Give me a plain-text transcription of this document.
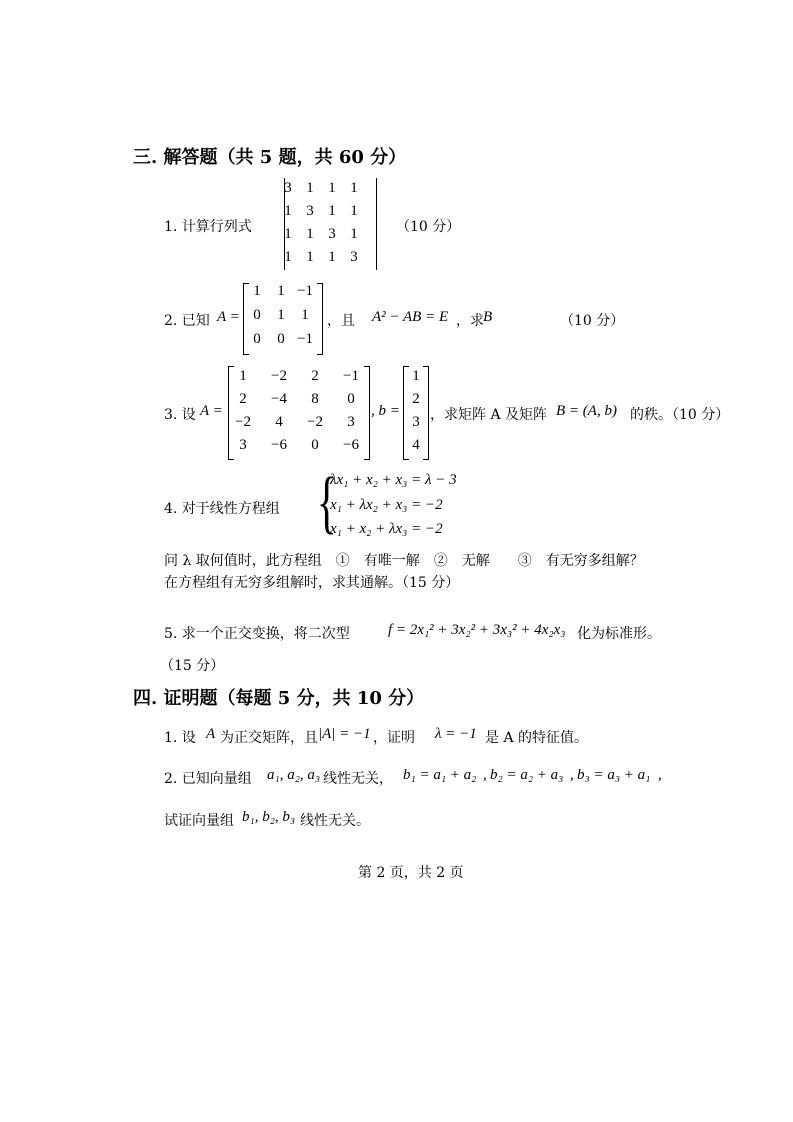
三. 解答题（共 5 题，共 60 分）
1. 计算行列式
3 1 1 1
1 3 1 1
1 1 3 1
1 1 1 3
（10 分）
2. 已知 A =
1	1 −1
0	1	1
0	0 −1
，且 A² − AB = E ，求 B	（10 分）
3. 设 A =
1	−2	2	−1
2	−4	8	0
−2	4	−2	3
3	−6	0	−6
, b =
1
2
3
4
，求矩阵 A 及矩阵 B = (A, b) 的秩。（10 分）
4. 对于线性方程组 {
λx₁ + x₂ + x₃ = λ − 3
x₁ + λx₂ + x₃ = −2
x₁ + x₂ + λx₃ = −2
问 λ 取何值时，此方程组　①　有唯一解　②　无解　　③　有无穷多组解？
在方程组有无穷多组解时，求其通解。（15 分）
5. 求一个正交变换，将二次型	f = 2x₁² + 3x₂² + 3x₃² + 4x₂x₃ 化为标准形。
（15 分）
四. 证明题（每题 5 分，共 10 分）
1. 设 A 为正交矩阵，且 |A| = −1 ，证明 λ = −1 是 A 的特征值。
2. 已知向量组 a₁, a₂, a₃ 线性无关， b₁ = a₁ + a₂ , b₂ = a₂ + a₃ , b₃ = a₃ + a₁ ,
试证向量组 b₁, b₂, b₃ 线性无关。
第 2 页，共 2 页
